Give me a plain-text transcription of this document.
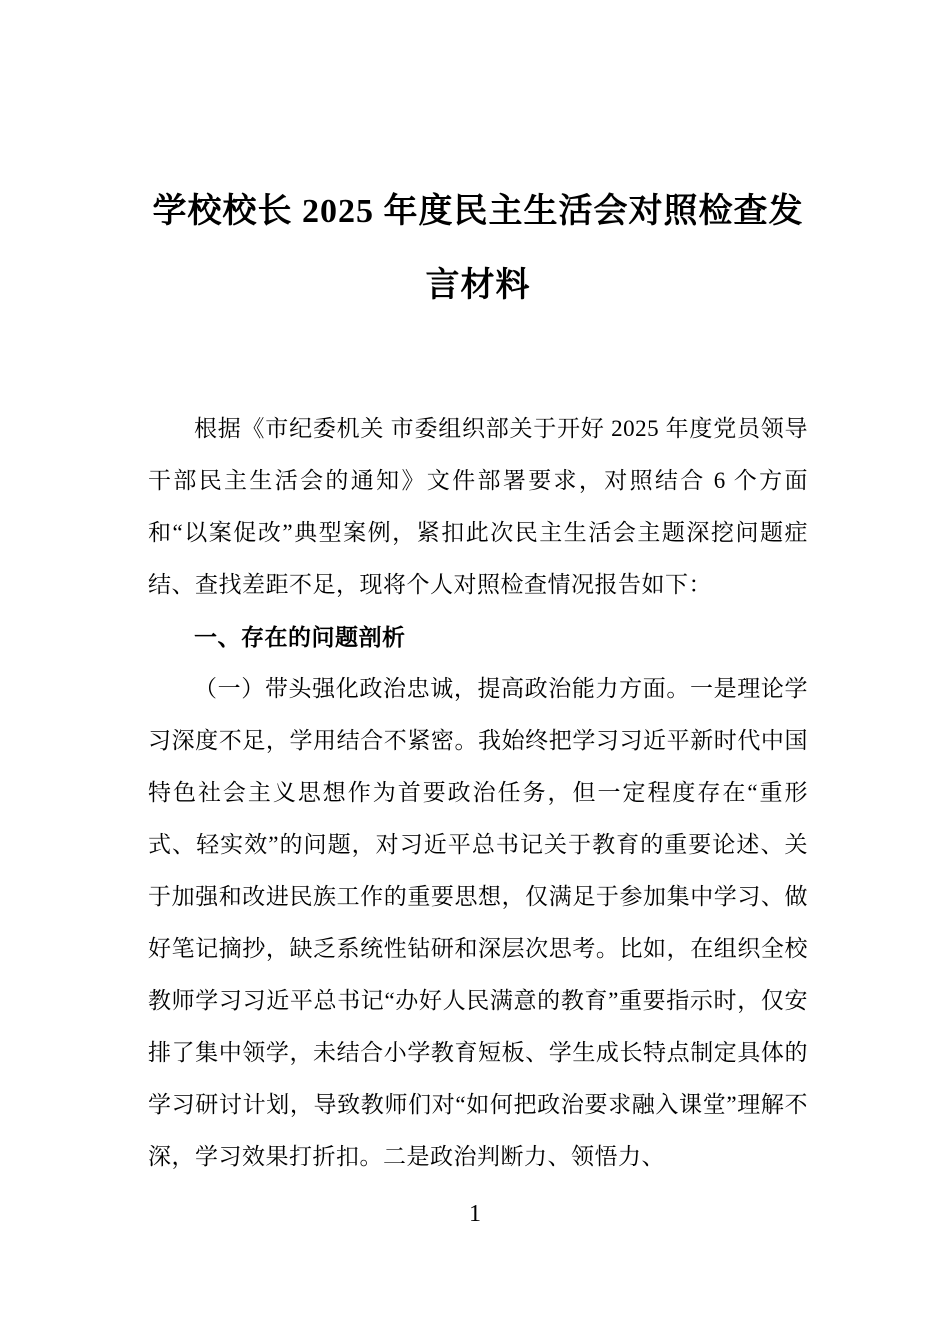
学校校长 2025 年度民主生活会对照检查发言材料

根据《市纪委机关 市委组织部关于开好 2025 年度党员领导干部民主生活会的通知》文件部署要求，对照结合 6 个方面和“以案促改”典型案例，紧扣此次民主生活会主题深挖问题症结、查找差距不足，现将个人对照检查情况报告如下：

一、存在的问题剖析

（一）带头强化政治忠诚，提高政治能力方面。一是理论学习深度不足，学用结合不紧密。我始终把学习习近平新时代中国特色社会主义思想作为首要政治任务，但一定程度存在“重形式、轻实效”的问题，对习近平总书记关于教育的重要论述、关于加强和改进民族工作的重要思想，仅满足于参加集中学习、做好笔记摘抄，缺乏系统性钻研和深层次思考。比如，在组织全校教师学习习近平总书记“办好人民满意的教育”重要指示时，仅安排了集中领学，未结合小学教育短板、学生成长特点制定具体的学习研讨计划，导致教师们对“如何把政治要求融入课堂”理解不深，学习效果打折扣。二是政治判断力、领悟力、

1
